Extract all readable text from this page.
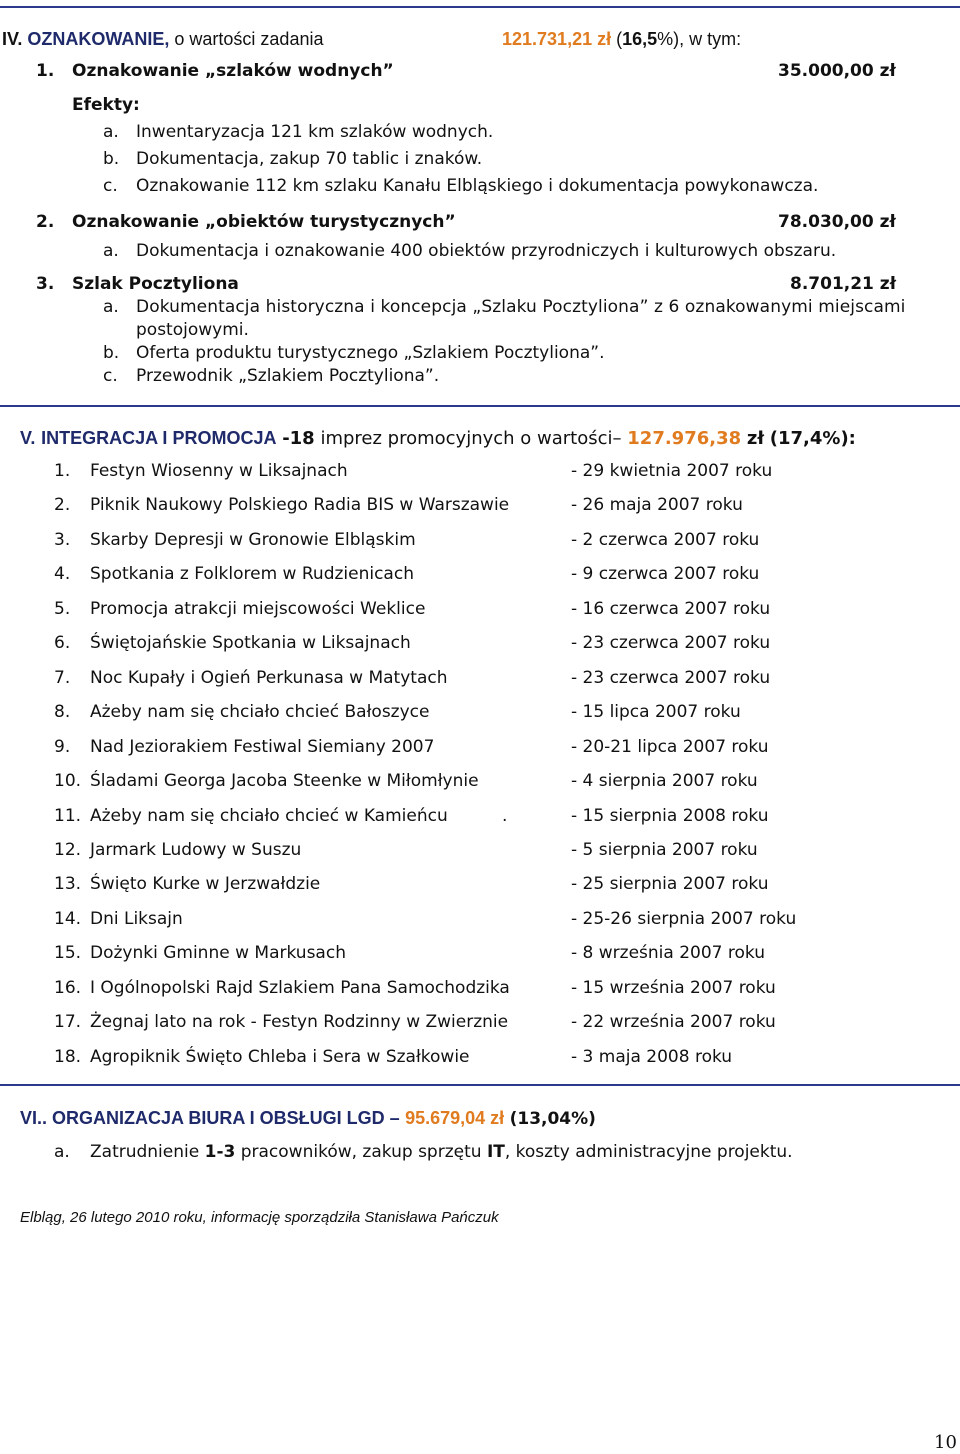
IV. OZNAKOWANIE, o wartości zadania	121.731,21 zł (16,5%), w tym:
1. Oznakowanie „szlaków wodnych”	35.000,00 zł
Efekty:
a. Inwentaryzacja 121 km szlaków wodnych.
b. Dokumentacja, zakup 70 tablic i znaków.
c. Oznakowanie 112 km szlaku Kanału Elbląskiego i dokumentacja powykonawcza.
2. Oznakowanie „obiektów turystycznych”	78.030,00 zł
a. Dokumentacja i oznakowanie 400 obiektów przyrodniczych i kulturowych obszaru.
3. Szlak Pocztyliona	8.701,21 zł
a. Dokumentacja historyczna i koncepcja „Szlaku Pocztyliona” z 6 oznakowanymi miejscami
postojowymi.
b. Oferta produktu turystycznego „Szlakiem Pocztyliona”.
c. Przewodnik „Szlakiem Pocztyliona”.
V. INTEGRACJA I PROMOCJA -18 imprez promocyjnych o wartości– 127.976,38 zł (17,4%):
1. Festyn Wiosenny w Liksajnach	- 29 kwietnia 2007 roku
2. Piknik Naukowy Polskiego Radia BIS w Warszawie	- 26 maja 2007 roku
3. Skarby Depresji w Gronowie Elbląskim	- 2 czerwca 2007 roku
4. Spotkania z Folklorem w Rudzienicach	- 9 czerwca 2007 roku
5. Promocja atrakcji miejscowości Weklice	- 16 czerwca 2007 roku
6. Świętojańskie Spotkania w Liksajnach	- 23 czerwca 2007 roku
7. Noc Kupały i Ogień Perkunasa w Matytach	- 23 czerwca 2007 roku
8. Ażeby nam się chciało chcieć Bałoszyce	- 15 lipca 2007 roku
9. Nad Jeziorakiem Festiwal Siemiany 2007	- 20-21 lipca 2007 roku
10. Śladami Georga Jacoba Steenke w Miłomłynie	- 4 sierpnia 2007 roku
11. Ażeby nam się chciało chcieć w Kamieńcu	.	- 15 sierpnia 2008 roku
12. Jarmark Ludowy w Suszu	- 5 sierpnia 2007 roku
13. Święto Kurke w Jerzwałdzie	- 25 sierpnia 2007 roku
14. Dni Liksajn	- 25-26 sierpnia 2007 roku
15. Dożynki Gminne w Markusach	- 8 września 2007 roku
16. I Ogólnopolski Rajd Szlakiem Pana Samochodzika	- 15 września 2007 roku
17. Żegnaj lato na rok - Festyn Rodzinny w Zwierznie	- 22 września 2007 roku
18. Agropiknik Święto Chleba i Sera w Szałkowie	- 3 maja 2008 roku
VI.. ORGANIZACJA BIURA I OBSŁUGI LGD – 95.679,04 zł (13,04%)
a. Zatrudnienie 1-3 pracowników, zakup sprzętu IT, koszty administracyjne projektu.
Elbląg, 26 lutego 2010 roku, informację sporządziła Stanisława Pańczuk
10
